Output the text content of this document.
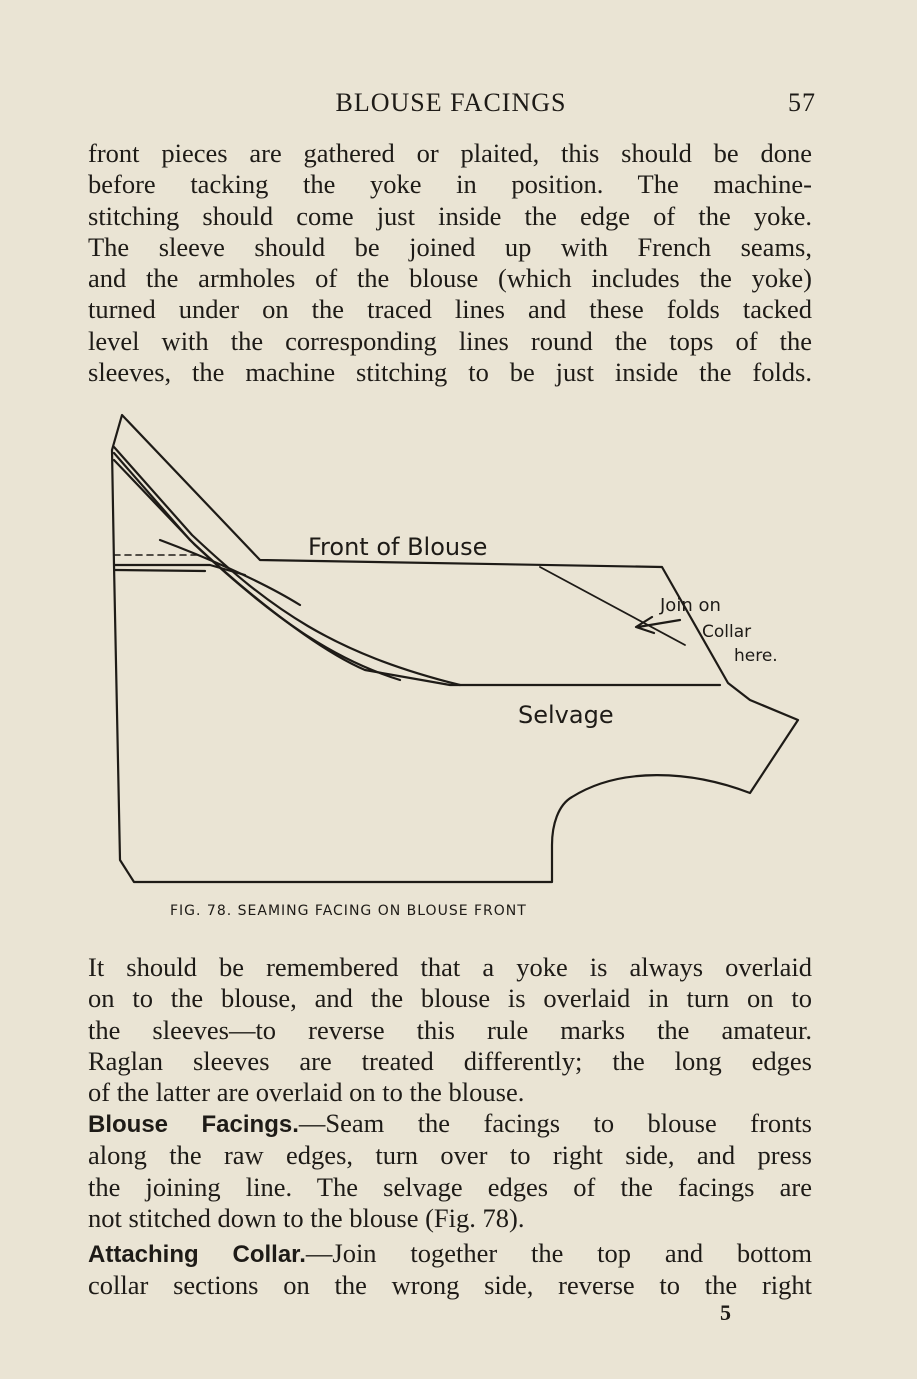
BLOUSE FACINGS	57
front pieces are gathered or plaited, this should be done
before tacking the yoke in position. The machine-
stitching should come just inside the edge of the yoke.
The sleeve should be joined up with French seams,
and the armholes of the blouse (which includes the yoke)
turned under on the traced lines and these folds tacked
level with the corresponding lines round the tops of the
sleeves, the machine stitching to be just inside the folds.
Front of Blouse
Selvage
Join on
Collar
here.
FIG. 78. SEAMING FACING ON BLOUSE FRONT
It should be remembered that a yoke is always overlaid
on to the blouse, and the blouse is overlaid in turn on to
the sleeves—to reverse this rule marks the amateur.
Raglan sleeves are treated differently; the long edges
of the latter are overlaid on to the blouse.
Blouse Facings.—Seam the facings to blouse fronts
along the raw edges, turn over to right side, and press
the joining line. The selvage edges of the facings are
not stitched down to the blouse (Fig. 78).
Attaching Collar.—Join together the top and bottom
collar sections on the wrong side, reverse to the right
5
